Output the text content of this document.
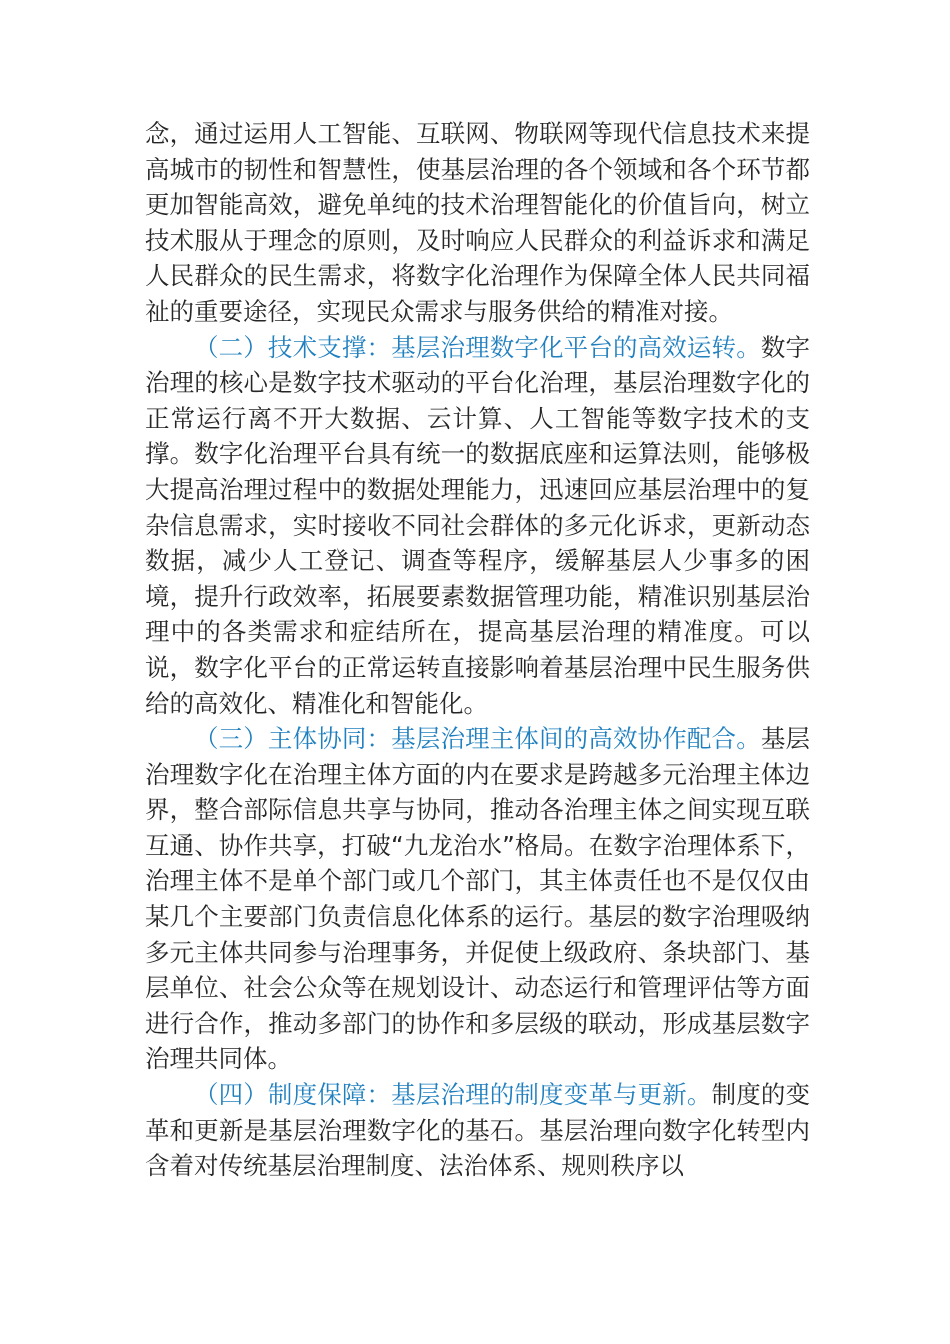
念，通过运用人工智能、互联网、物联网等现代信息技术来提高城市的韧性和智慧性，使基层治理的各个领域和各个环节都更加智能高效，避免单纯的技术治理智能化的价值旨向，树立技术服从于理念的原则，及时响应人民群众的利益诉求和满足人民群众的民生需求，将数字化治理作为保障全体人民共同福祉的重要途径，实现民众需求与服务供给的精准对接。

（二）技术支撑：基层治理数字化平台的高效运转。数字治理的核心是数字技术驱动的平台化治理，基层治理数字化的正常运行离不开大数据、云计算、人工智能等数字技术的支撑。数字化治理平台具有统一的数据底座和运算法则，能够极大提高治理过程中的数据处理能力，迅速回应基层治理中的复杂信息需求，实时接收不同社会群体的多元化诉求，更新动态数据，减少人工登记、调查等程序，缓解基层人少事多的困境，提升行政效率，拓展要素数据管理功能，精准识别基层治理中的各类需求和症结所在，提高基层治理的精准度。可以说，数字化平台的正常运转直接影响着基层治理中民生服务供给的高效化、精准化和智能化。

（三）主体协同：基层治理主体间的高效协作配合。基层治理数字化在治理主体方面的内在要求是跨越多元治理主体边界，整合部际信息共享与协同，推动各治理主体之间实现互联互通、协作共享，打破“九龙治水”格局。在数字治理体系下，治理主体不是单个部门或几个部门，其主体责任也不是仅仅由某几个主要部门负责信息化体系的运行。基层的数字治理吸纳多元主体共同参与治理事务，并促使上级政府、条块部门、基层单位、社会公众等在规划设计、动态运行和管理评估等方面进行合作，推动多部门的协作和多层级的联动，形成基层数字治理共同体。

（四）制度保障：基层治理的制度变革与更新。制度的变革和更新是基层治理数字化的基石。基层治理向数字化转型内含着对传统基层治理制度、法治体系、规则秩序以
